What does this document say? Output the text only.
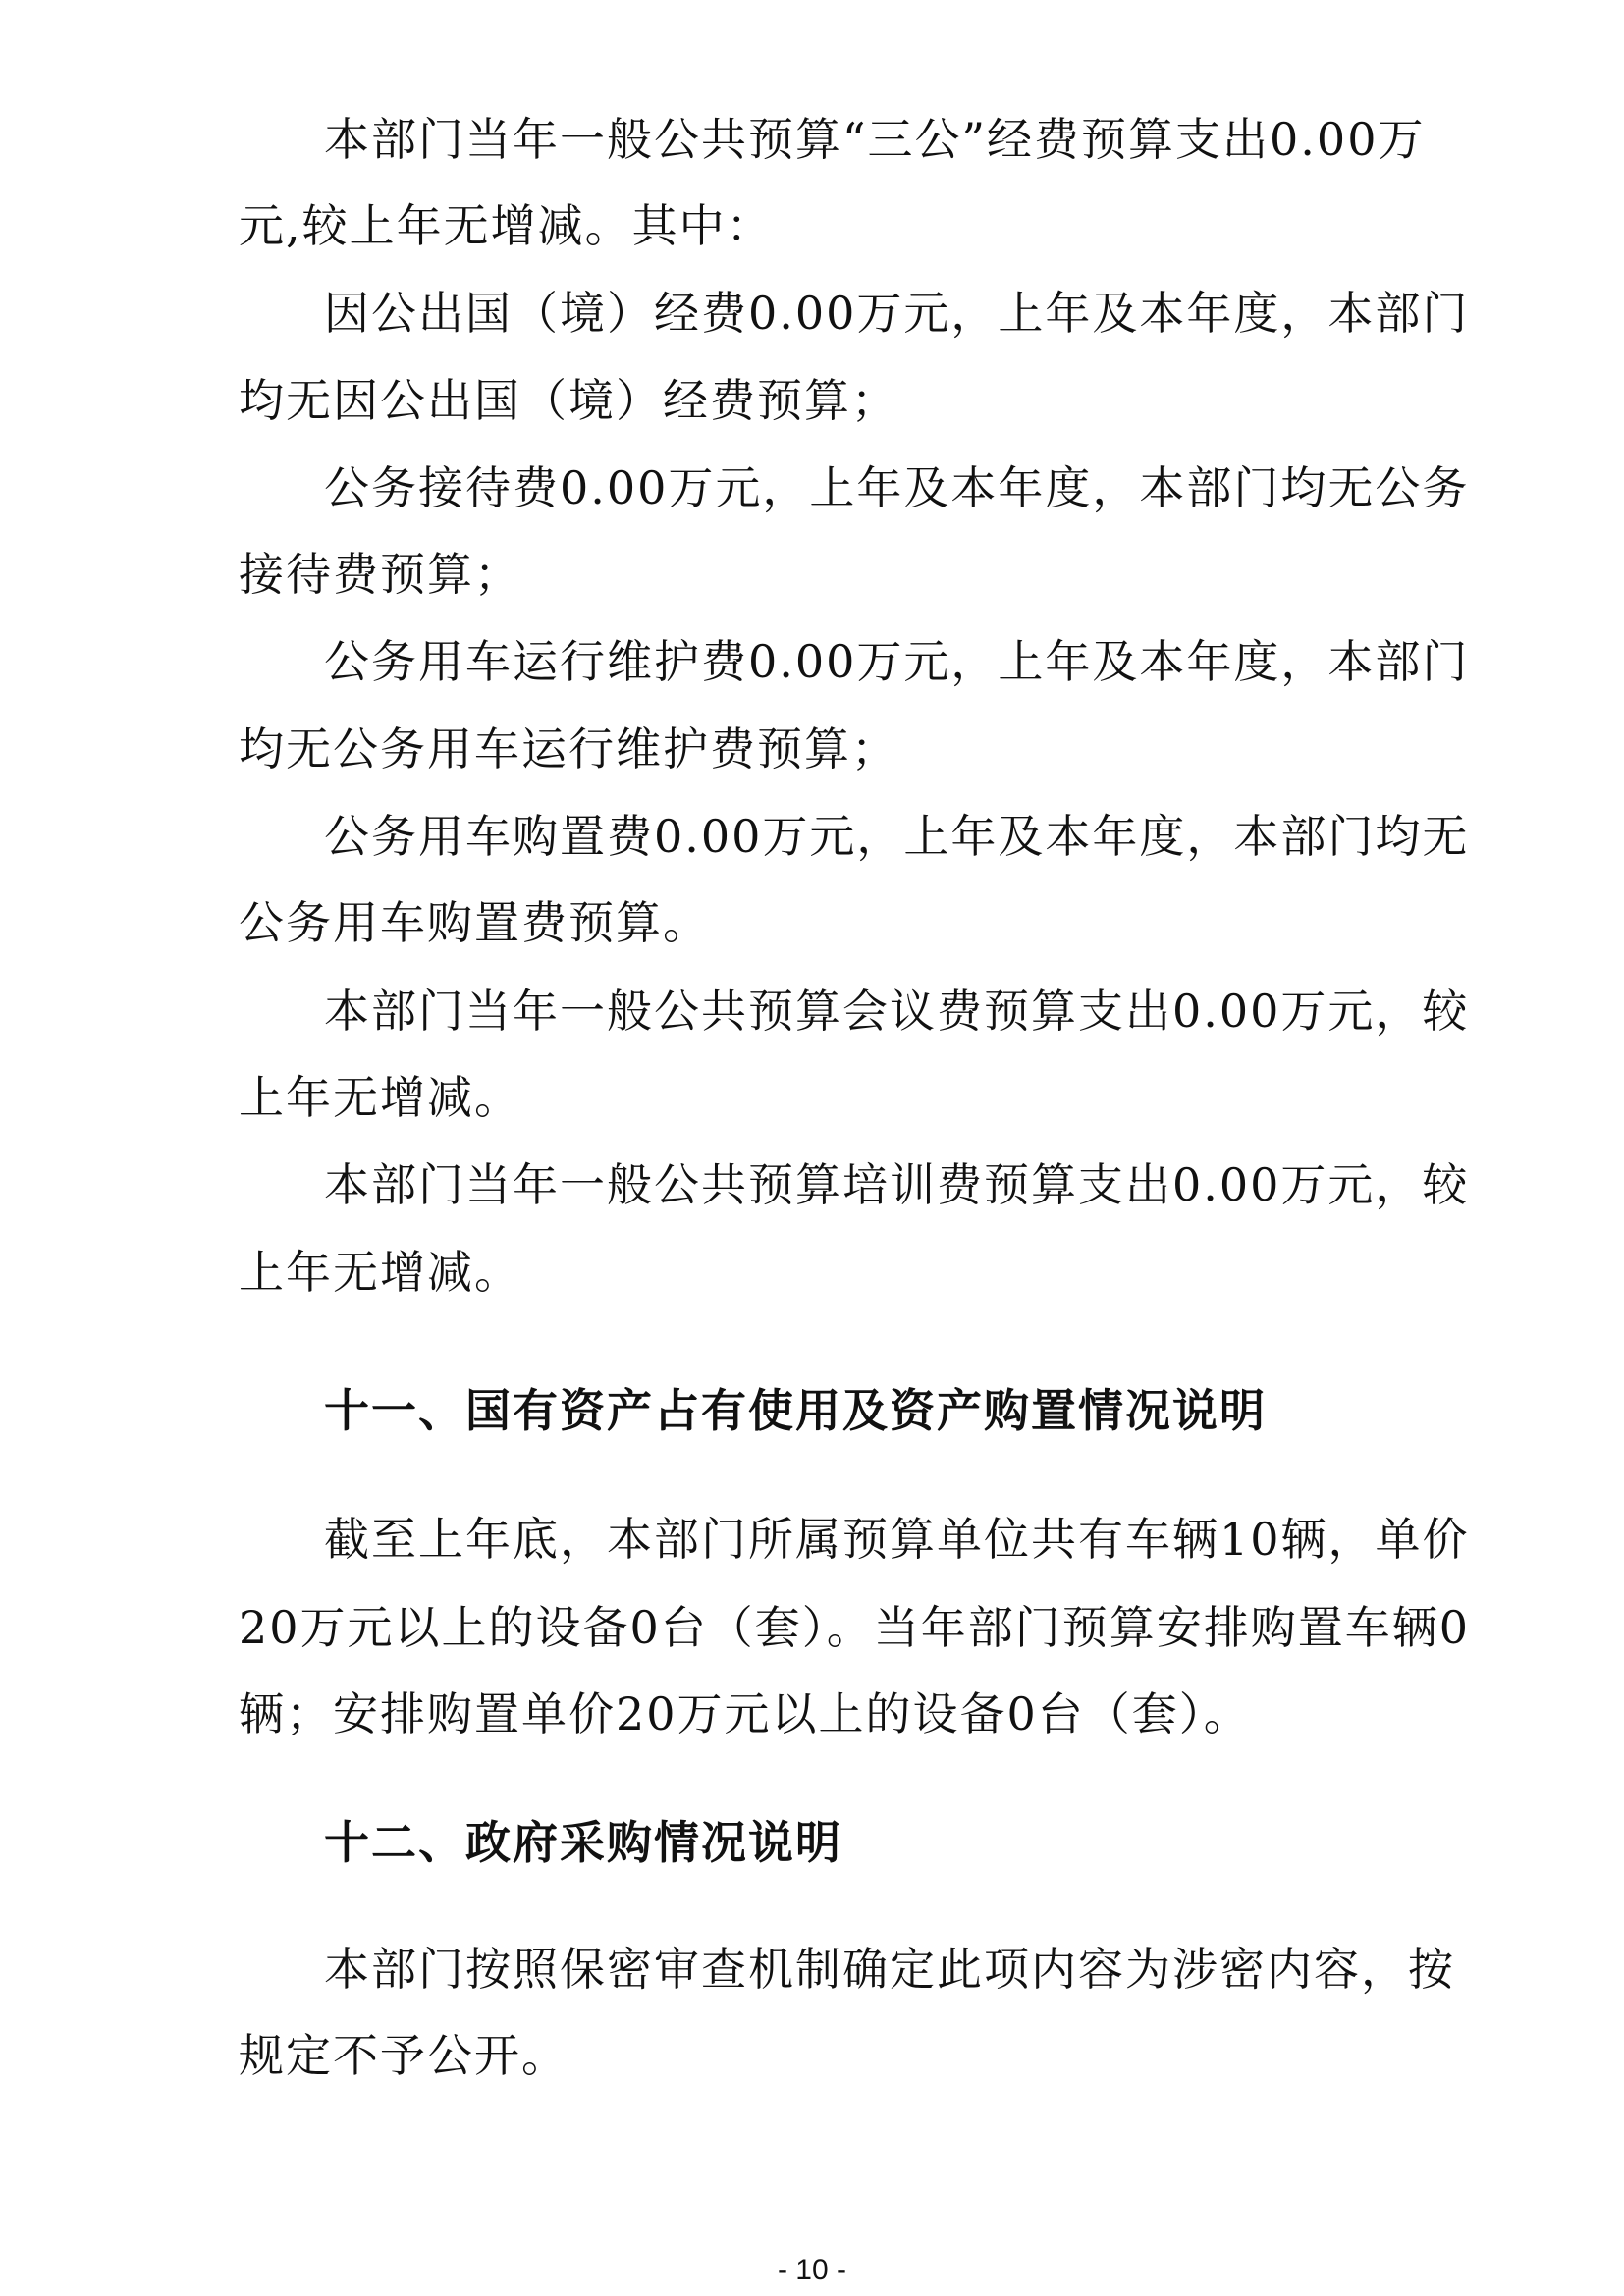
本部门当年一般公共预算“三公”经费预算支出0.00万
元,较上年无增减。其中：
因公出国（境）经费0.00万元，上年及本年度，本部门
均无因公出国（境）经费预算；
公务接待费0.00万元，上年及本年度，本部门均无公务
接待费预算；
公务用车运行维护费0.00万元，上年及本年度，本部门
均无公务用车运行维护费预算；
公务用车购置费0.00万元，上年及本年度，本部门均无
公务用车购置费预算。
本部门当年一般公共预算会议费预算支出0.00万元，较
上年无增减。
本部门当年一般公共预算培训费预算支出0.00万元，较
上年无增减。
十一、国有资产占有使用及资产购置情况说明
截至上年底，本部门所属预算单位共有车辆10辆，单价
20万元以上的设备0台（套）。当年部门预算安排购置车辆0
辆；安排购置单价20万元以上的设备0台（套）。
十二、政府采购情况说明
本部门按照保密审查机制确定此项内容为涉密内容，按
规定不予公开。
- 10 -
